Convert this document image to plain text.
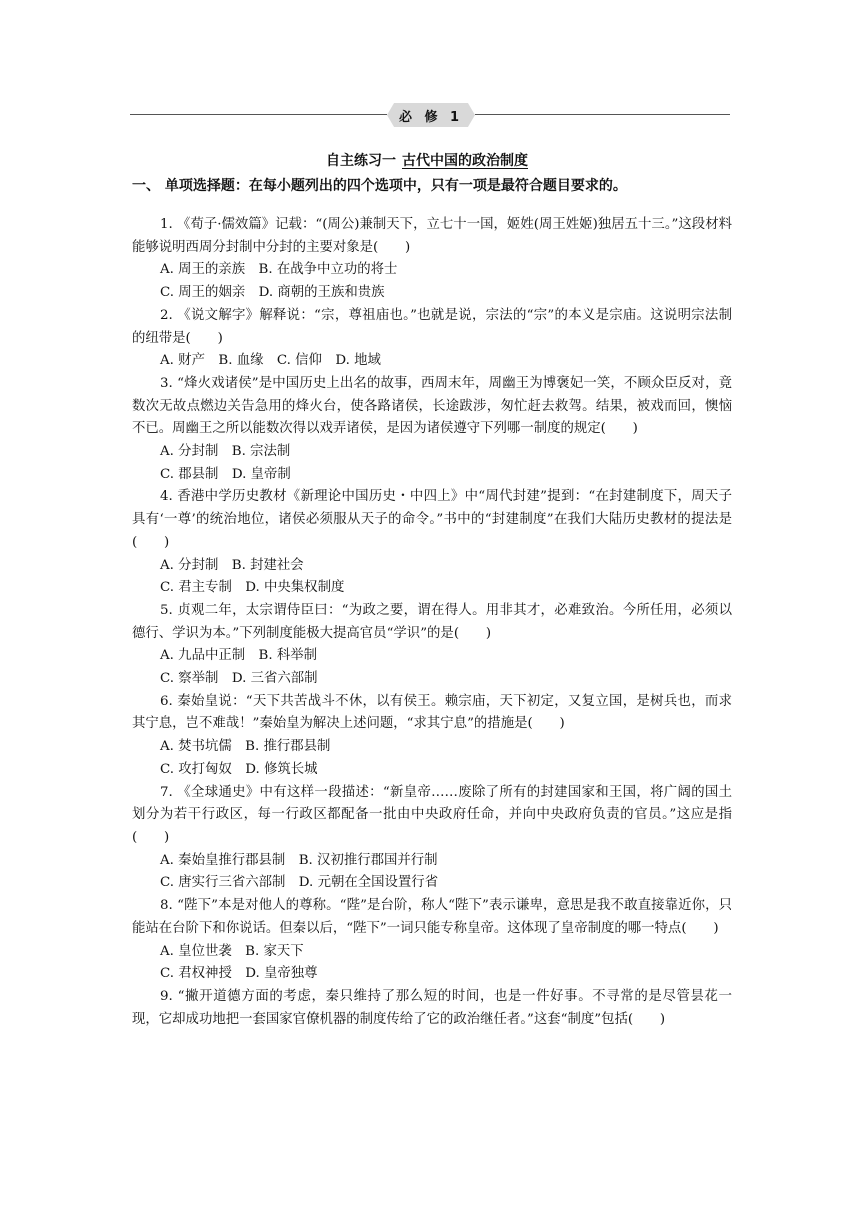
必 修 1
自主练习一 古代中国的政治制度
一、 单项选择题：在每小题列出的四个选项中，只有一项是最符合题目要求的。

1. 《荀子·儒效篇》记载：“(周公)兼制天下，立七十一国，姬姓(周王姓姬)独居五十三。”这段材料能够说明西周分封制中分封的主要对象是(　　)

A. 周王的亲族　B. 在战争中立功的将士

C. 周王的姻亲　D. 商朝的王族和贵族

2. 《说文解字》解释说：“宗，尊祖庙也。”也就是说，宗法的“宗”的本义是宗庙。这说明宗法制的纽带是(　　)

A. 财产　B. 血缘　C. 信仰　D. 地域

3. “烽火戏诸侯”是中国历史上出名的故事，西周末年，周幽王为博褒妃一笑，不顾众臣反对，竟数次无故点燃边关告急用的烽火台，使各路诸侯，长途跋涉，匆忙赶去救驾。结果，被戏而回，懊恼不已。周幽王之所以能数次得以戏弄诸侯，是因为诸侯遵守下列哪一制度的规定(　　)

A. 分封制　B. 宗法制

C. 郡县制　D. 皇帝制

4. 香港中学历史教材《新理论中国历史・中四上》中“周代封建”提到：“在封建制度下，周天子具有‘一尊’的统治地位，诸侯必须服从天子的命令。”书中的“封建制度”在我们大陆历史教材的提法是(　　)

A. 分封制　B. 封建社会

C. 君主专制　D. 中央集权制度

5. 贞观二年，太宗谓侍臣曰：“为政之要，谓在得人。用非其才，必难致治。今所任用，必须以德行、学识为本。”下列制度能极大提高官员“学识”的是(　　)

A. 九品中正制　B. 科举制

C. 察举制　D. 三省六部制

6. 秦始皇说：“天下共苦战斗不休，以有侯王。赖宗庙，天下初定，又复立国，是树兵也，而求其宁息，岂不难哉！”秦始皇为解决上述问题，“求其宁息”的措施是(　　)

A. 焚书坑儒　B. 推行郡县制

C. 攻打匈奴　D. 修筑长城

7. 《全球通史》中有这样一段描述：“新皇帝……废除了所有的封建国家和王国，将广阔的国土划分为若干行政区，每一行政区都配备一批由中央政府任命，并向中央政府负责的官员。”这应是指(　　)

A. 秦始皇推行郡县制　B. 汉初推行郡国并行制

C. 唐实行三省六部制　D. 元朝在全国设置行省

8. “陛下”本是对他人的尊称。“陛”是台阶，称人“陛下”表示谦卑，意思是我不敢直接靠近你，只能站在台阶下和你说话。但秦以后，“陛下”一词只能专称皇帝。这体现了皇帝制度的哪一特点(　　)

A. 皇位世袭　B. 家天下

C. 君权神授　D. 皇帝独尊

9. “撇开道德方面的考虑，秦只维持了那么短的时间，也是一件好事。不寻常的是尽管昙花一现，它却成功地把一套国家官僚机器的制度传给了它的政治继任者。”这套“制度”包括(　　)
